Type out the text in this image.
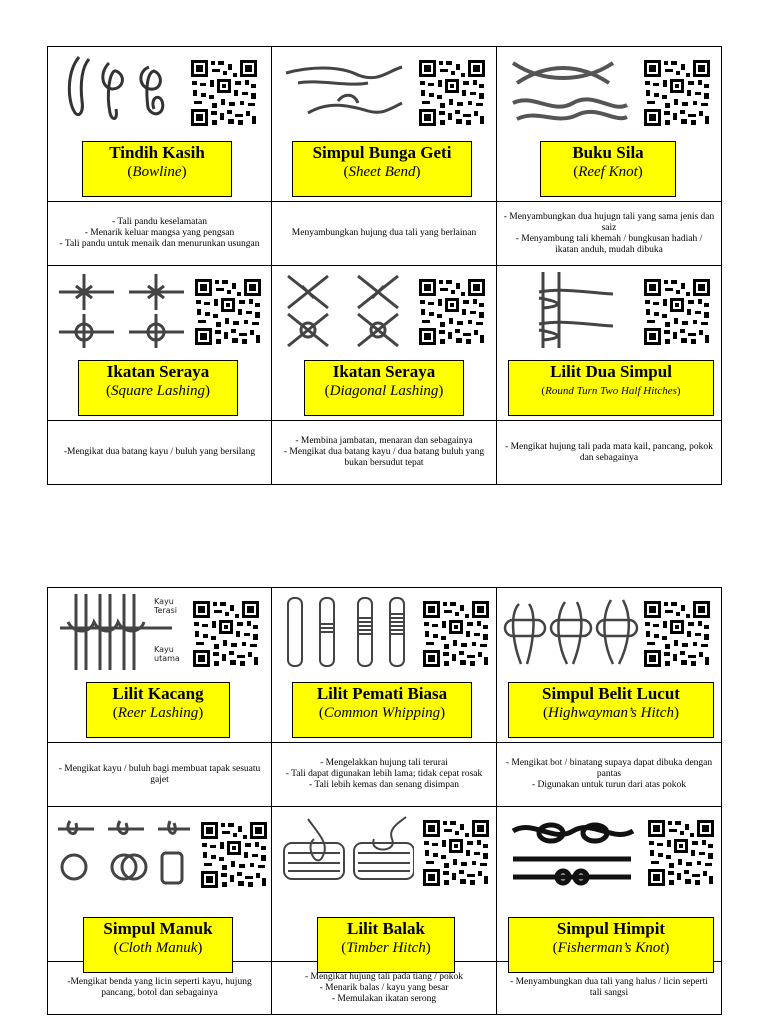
Tindih Kasih
(Bowline)
Simpul Bunga Geti
(Sheet Bend)
Buku Sila
(Reef Knot)
- Tali pandu keselamatan
- Menarik keluar mangsa yang pengsan
- Tali pandu untuk menaik dan menurunkan usungan
Menyambungkan hujung dua tali yang berlainan
- Menyambungkan dua hujugn tali yang sama jenis dan saiz
- Menyambung tali khemah / bungkusan hadiah / ikatan anduh, mudah dibuka
Ikatan Seraya
(Square Lashing)
Ikatan Seraya
(Diagonal Lashing)
Lilit Dua Simpul
(Round Turn Two Half Hitches)
-Mengikat dua batang kayu / buluh yang bersilang
- Membina jambatan, menaran dan sebagainya
- Mengikat dua batang kayu / dua batang buluh yang bukan bersudut tepat
- Mengikat hujung tali pada mata kail, pancang, pokok dan sebagainya
Kayu
Terasi
Kayu
utama
Lilit Kacang
(Reer Lashing)
Lilit Pemati Biasa
(Common Whipping)
Simpul Belit Lucut
(Highwayman’s Hitch)
- Mengikat kayu / buluh bagi membuat tapak sesuatu gajet
- Mengelakkan hujung tali terurai
- Tali dapat digunakan lebih lama; tidak cepat rosak
- Tali lebih kemas dan senang disimpan
- Mengikat bot / binatang supaya dapat dibuka dengan pantas
- Digunakan untuk turun dari atas pokok
Simpul Manuk
(Cloth Manuk)
Lilit Balak
(Timber Hitch)
Simpul Himpit
(Fisherman’s Knot)
-Mengikat benda yang licin seperti kayu, hujung pancang, botol dan sebagainya
- Mengikat hujung tali pada tiang / pokok
- Menarik balas / kayu yang besar
- Memulakan ikatan serong
- Menyambungkan dua tali yang halus / licin seperti tali sangsi
